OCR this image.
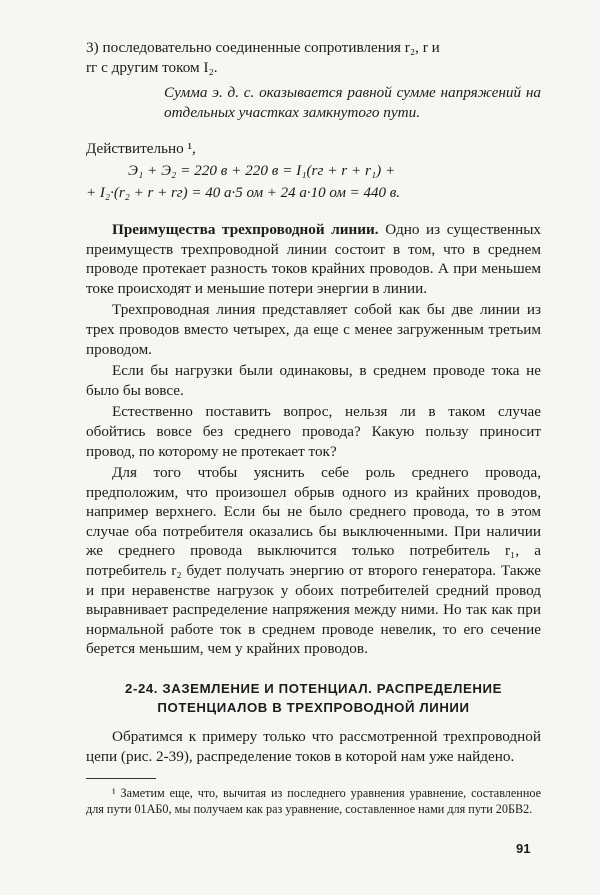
3) последовательно соединенные сопротивления r₂, r и

rг с другим током I₂.

Сумма э. д. с. оказывается равной сумме напряжений на отдельных участках замкнутого пути.

Действительно ¹,

Э₁ + Э₂ = 220 в + 220 в = I₁(rг + r + r₁) +

+ I₂·(r₂ + r + rг) = 40 а·5 ом + 24 а·10 ом = 440 в.

Преимущества трехпроводной линии. Одно из существенных преимуществ трехпроводной линии состоит в том, что в среднем проводе протекает разность токов крайних проводов. А при меньшем токе происходят и меньшие потери энергии в линии.

Трехпроводная линия представляет собой как бы две линии из трех проводов вместо четырех, да еще с менее загруженным третьим проводом.

Если бы нагрузки были одинаковы, в среднем проводе тока не было бы вовсе.

Естественно поставить вопрос, нельзя ли в таком случае обойтись вовсе без среднего провода? Какую пользу приносит провод, по которому не протекает ток?

Для того чтобы уяснить себе роль среднего провода, предположим, что произошел обрыв одного из крайних проводов, например верхнего. Если бы не было среднего провода, то в этом случае оба потребителя оказались бы выключенными. При наличии же среднего провода выключится только потребитель r₁, а потребитель r₂ будет получать энергию от второго генератора. Также и при неравенстве нагрузок у обоих потребителей средний провод выравнивает распределение напряжения между ними. Но так как при нормальной работе ток в среднем проводе невелик, то его сечение берется меньшим, чем у крайних проводов.

2-24. ЗАЗЕМЛЕНИЕ И ПОТЕНЦИАЛ. РАСПРЕДЕЛЕНИЕ
ПОТЕНЦИАЛОВ В ТРЕХПРОВОДНОЙ ЛИНИИ

Обратимся к примеру только что рассмотренной трехпроводной цепи (рис. 2-39), распределение токов в которой нам уже найдено.

¹ Заметим еще, что, вычитая из последнего уравнения уравнение, составленное для пути 01АБ0, мы получаем как раз уравнение, составленное нами для пути 20БВ2.

91
